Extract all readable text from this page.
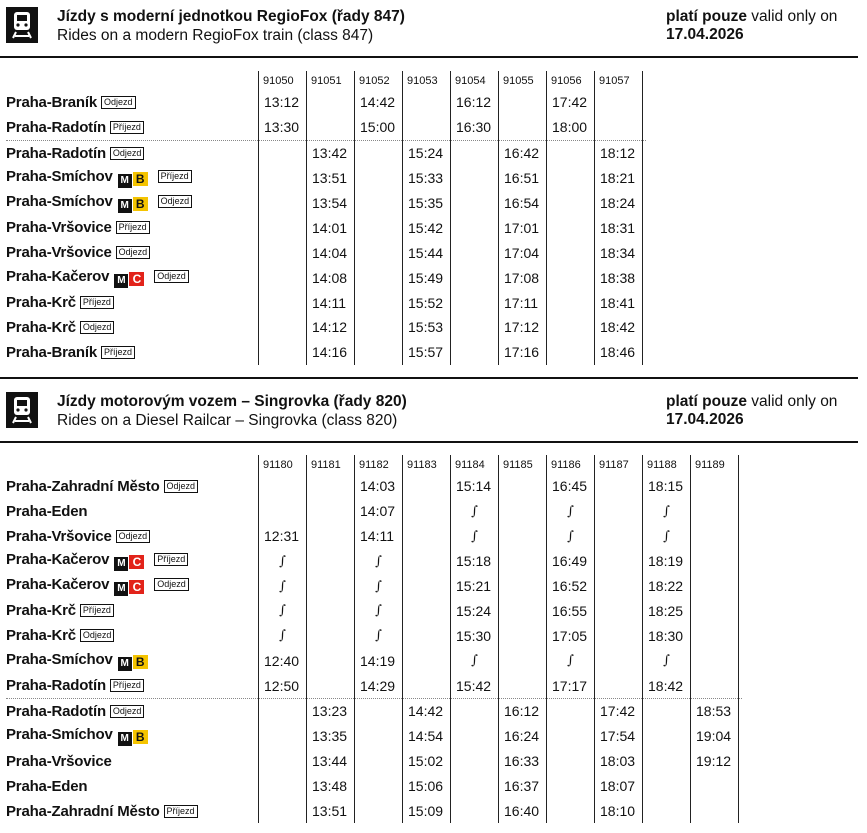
Jízdy s moderní jednotkou RegioFox (řady 847)
Rides on a modern RegioFox train (class 847)
platí pouze valid only on
17.04.2026
	91050	91051	91052	91053	91054	91055	91056	91057	
Praha-Braník Odjezd	13:12		14:42		16:12		17:42		
Praha-Radotín Příjezd	13:30		15:00		16:30		18:00		
Praha-Radotín Odjezd		13:42		15:24		16:42		18:12	
Praha-Smíchov M B Příjezd		13:51		15:33		16:51		18:21	
Praha-Smíchov M B Odjezd		13:54		15:35		16:54		18:24	
Praha-Vršovice Příjezd		14:01		15:42		17:01		18:31	
Praha-Vršovice Odjezd		14:04		15:44		17:04		18:34	
Praha-Kačerov M C Odjezd		14:08		15:49		17:08		18:38	
Praha-Krč Příjezd		14:11		15:52		17:11		18:41	
Praha-Krč Odjezd		14:12		15:53		17:12		18:42	
Praha-Braník Příjezd		14:16		15:57		17:16		18:46	
Jízdy motorovým vozem – Singrovka (řady 820)
Rides on a Diesel Railcar – Singrovka (class 820)
platí pouze valid only on
17.04.2026
	91180	91181	91182	91183	91184	91185	91186	91187	91188	91189	
Praha-Zahradní Město Odjezd			14:03		15:14		16:45		18:15		
Praha-Eden			14:07		∫		∫		∫		
Praha-Vršovice Odjezd	12:31		14:11		∫		∫		∫		
Praha-Kačerov M C Příjezd	∫		∫		15:18		16:49		18:19		
Praha-Kačerov M C Odjezd	∫		∫		15:21		16:52		18:22		
Praha-Krč Příjezd	∫		∫		15:24		16:55		18:25		
Praha-Krč Odjezd	∫		∫		15:30		17:05		18:30		
Praha-Smíchov M B	12:40		14:19		∫		∫		∫		
Praha-Radotín Příjezd	12:50		14:29		15:42		17:17		18:42		
Praha-Radotín Odjezd		13:23		14:42		16:12		17:42		18:53	
Praha-Smíchov M B		13:35		14:54		16:24		17:54		19:04	
Praha-Vršovice		13:44		15:02		16:33		18:03		19:12	
Praha-Eden		13:48		15:06		16:37		18:07			
Praha-Zahradní Město Příjezd		13:51		15:09		16:40		18:10			
